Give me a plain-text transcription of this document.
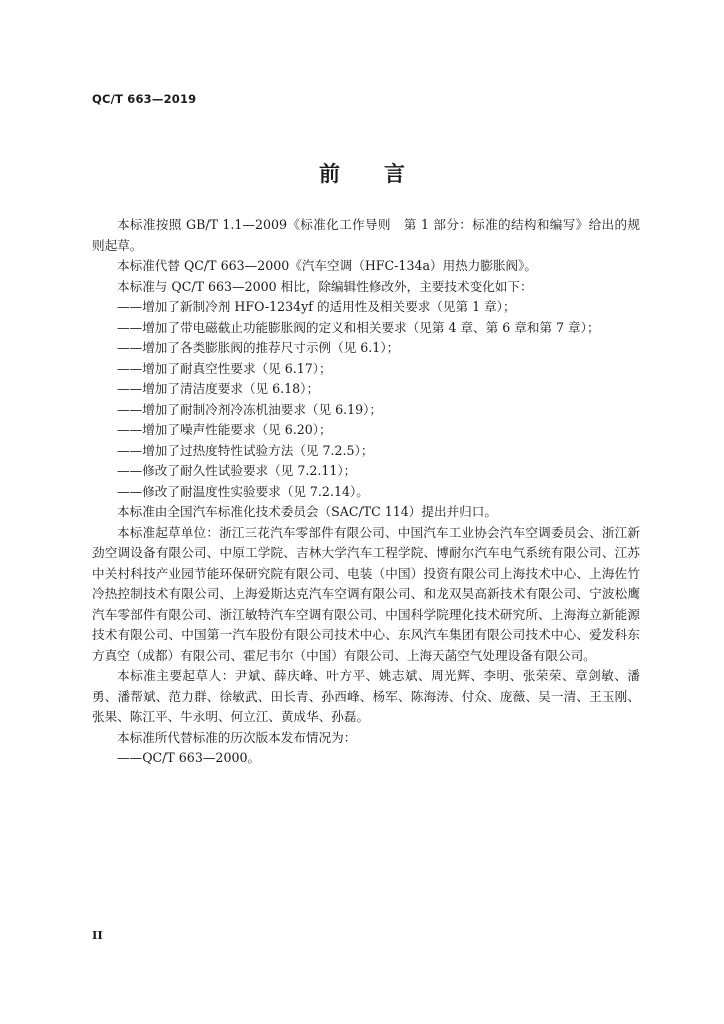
QC/T 663—2019
前 言

本标准按照 GB/T 1.1—2009《标准化工作导则　第 1 部分：标准的结构和编写》给出的规则起草。

本标准代替 QC/T 663—2000《汽车空调（HFC-134a）用热力膨胀阀》。

本标准与 QC/T 663—2000 相比，除编辑性修改外，主要技术变化如下：

——增加了新制冷剂 HFO-1234yf 的适用性及相关要求（见第 1 章）；

——增加了带电磁截止功能膨胀阀的定义和相关要求（见第 4 章、第 6 章和第 7 章）；

——增加了各类膨胀阀的推荐尺寸示例（见 6.1）；

——增加了耐真空性要求（见 6.17）；

——增加了清洁度要求（见 6.18）；

——增加了耐制冷剂冷冻机油要求（见 6.19）；

——增加了噪声性能要求（见 6.20）；

——增加了过热度特性试验方法（见 7.2.5）；

——修改了耐久性试验要求（见 7.2.11）；

——修改了耐温度性实验要求（见 7.2.14）。

本标准由全国汽车标准化技术委员会（SAC/TC 114）提出并归口。

本标准起草单位：浙江三花汽车零部件有限公司、中国汽车工业协会汽车空调委员会、浙江新劲空调设备有限公司、中原工学院、吉林大学汽车工程学院、博耐尔汽车电气系统有限公司、江苏中关村科技产业园节能环保研究院有限公司、电装（中国）投资有限公司上海技术中心、上海佐竹冷热控制技术有限公司、上海爱斯达克汽车空调有限公司、和龙双昊高新技术有限公司、宁波松鹰汽车零部件有限公司、浙江敏特汽车空调有限公司、中国科学院理化技术研究所、上海海立新能源技术有限公司、中国第一汽车股份有限公司技术中心、东风汽车集团有限公司技术中心、爱发科东方真空（成都）有限公司、霍尼韦尔（中国）有限公司、上海天菡空气处理设备有限公司。

本标准主要起草人：尹斌、薛庆峰、叶方平、姚志斌、周光辉、李明、张荣荣、章剑敏、潘勇、潘帮斌、范力群、徐敏武、田长青、孙西峰、杨军、陈海涛、付众、庞薇、吴一清、王玉刚、张果、陈江平、牛永明、何立江、黄成华、孙磊。

本标准所代替标准的历次版本发布情况为：

——QC/T 663—2000。

II
